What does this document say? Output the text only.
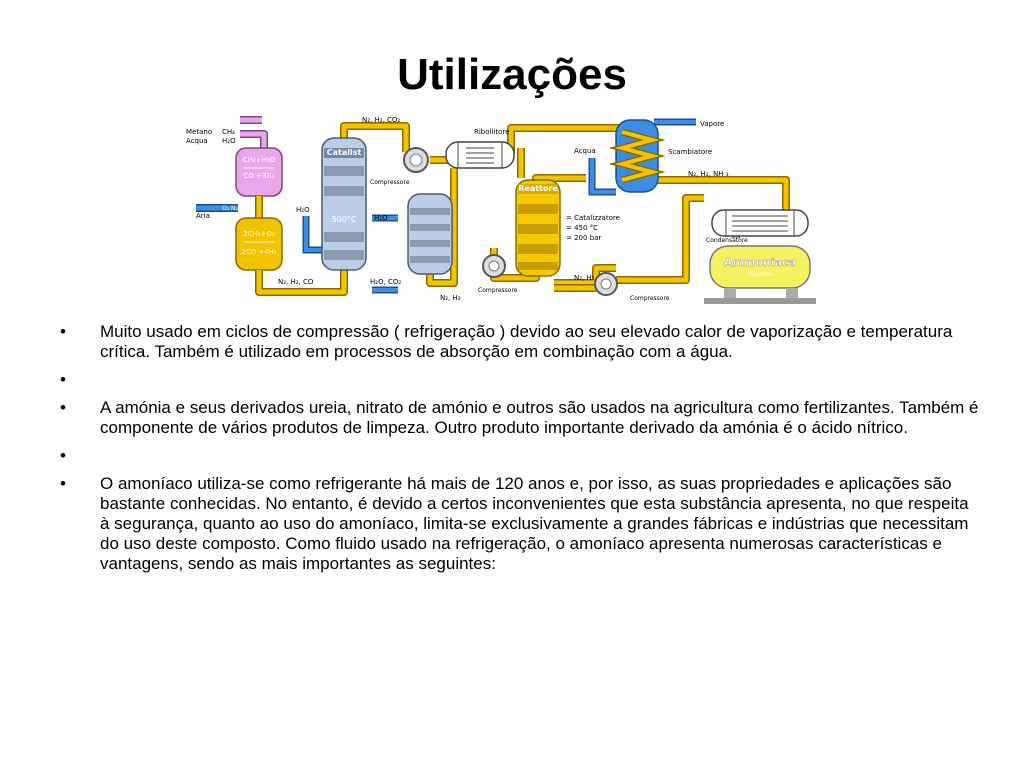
Utilizações
CH₄+H₂O
CO +3H₂
O₂ N₂
2CH₄+O₂
2CO +4H₂
Catalist
500°C
Reattore
Ammoniaca
(liquida)
Metano CH₄
Acqua H₂O
Aria
N₂, H₂, CO
H₂O
H₂O
N₂, H₂, CO₂
H₂O, CO₂
N₂, H₂
Ribollitore
N₂, H₂
Acqua
Vapore
Scambiatore
N₂, H₂, NH ₃
= Catalizzatore
= 450 °C
= 200 bar
Compressore
Compressore
Compressore
Condensatore
• Muito usado em ciclos de compressão ( refrigeração ) devido ao seu elevado calor de vaporização e temperatura crítica. Também é utilizado em processos de absorção em combinação com a água.
•
• A amónia e seus derivados ureia, nitrato de amónio e outros são usados na agricultura como fertilizantes. Também é componente de vários produtos de limpeza. Outro produto importante derivado da amónia é o ácido nítrico.
•
• O amoníaco utiliza-se como refrigerante há mais de 120 anos e, por isso, as suas propriedades e aplicações são bastante conhecidas. No entanto, é devido a certos inconvenientes que esta substância apresenta, no que respeita à segurança, quanto ao uso do amoníaco, limita-se exclusivamente a grandes fábricas e indústrias que necessitam do uso deste composto. Como fluido usado na refrigeração, o amoníaco apresenta numerosas características e vantagens, sendo as mais importantes as seguintes:
